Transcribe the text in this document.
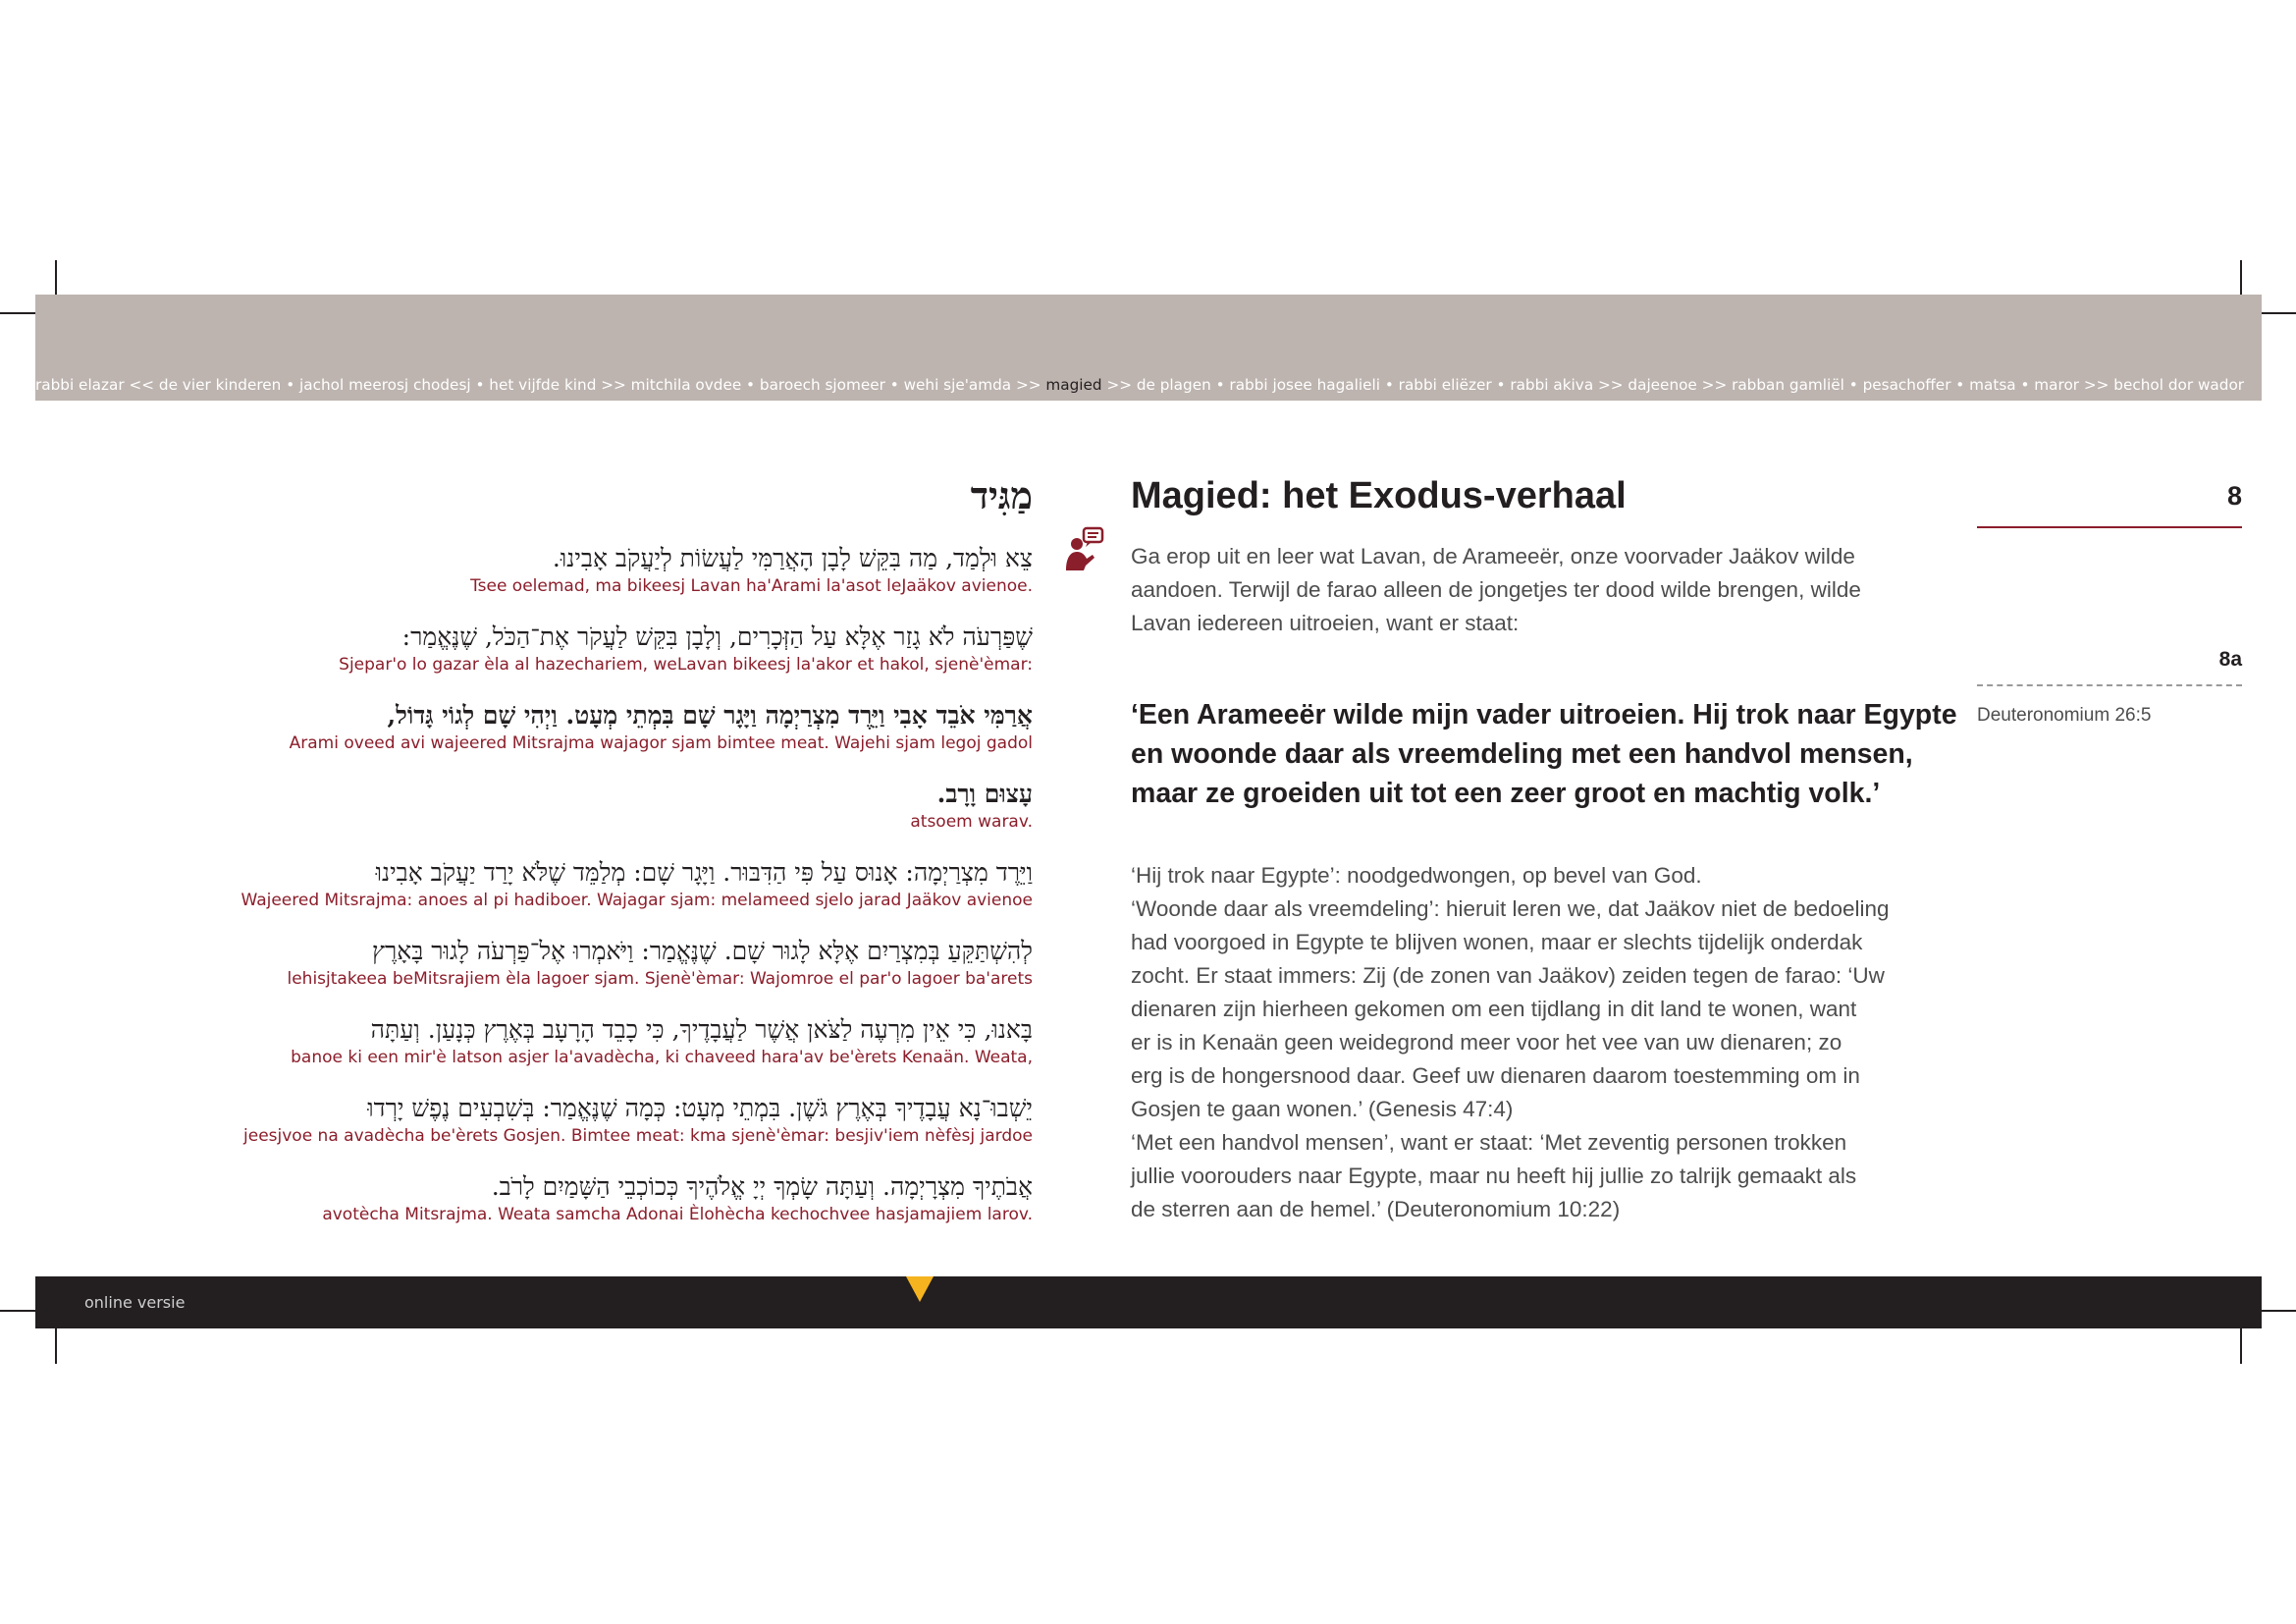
rabbi elazar << de vier kinderen • jachol meerosj chodesj • het vijfde kind >> mitchila ovdee • baroech sjomeer • wehi sje'amda >> magied >> de plagen • rabbi josee hagalieli • rabbi eliëzer • rabbi akiva >> dajeenoe >> rabban gamliël • pesachoffer • matsa • maror >> bechol dor wador
מַגִּיד
צֵא וּלְמַד, מַה בִּקֵּשׁ לָבָן הָאֲרַמִּי לַעֲשׂוֹת לְיַעֲקֹב אָבִינוּ.
Tsee oelemad, ma bikeesj Lavan ha'Arami la'asot leJaäkov avienoe.
שֶׁפַּרְעֹה לֹא גָזַר אֶלָּא עַל הַזְּכָרִים, וְלָבָן בִּקֵּשׁ לַעֲקֹר אֶת־הַכֹּל, שֶׁנֶּאֱמַר:
Sjepar'o lo gazar èla al hazechariem, weLavan bikeesj la'akor et hakol, sjenè'èmar:
אֲרַמִּי אֹבֵד אָבִי וַיֵּרֶד מִצְרַיְמָה וַיָּגָר שָׁם בִּמְתֵי מְעָט. וַיְהִי שָׁם לְגוֹי גָּדוֹל,
Arami oveed avi wajeered Mitsrajma wajagor sjam bimtee meat. Wajehi sjam legoj gadol
עָצוּם וָרָב.
atsoem warav.
וַיֵּרֶד מִצְרַיְמָה: אָנוּס עַל פִּי הַדִּבּוּר. וַיָּגָר שָׁם: מְלַמֵּד שֶׁלֹּא יָרַד יַעֲקֹב אָבִינוּ
Wajeered Mitsrajma: anoes al pi hadiboer. Wajagar sjam: melameed sjelo jarad Jaäkov avienoe
לְהִשְׁתַּקֵּעַ בְּמִצְרַיִם אֶלָּא לָגוּר שָׁם. שֶׁנֶּאֱמַר: וַיֹּאמְרוּ אֶל־פַּרְעֹה לָגוּר בָּאָרֶץ
lehisjtakeea beMitsrajiem èla lagoer sjam. Sjenè'èmar: Wajomroe el par'o lagoer ba'arets
בָּאנוּ, כִּי אֵין מִרְעֶה לַצֹּאן אֲשֶׁר לַעֲבָדֶיךָ, כִּי כָבֵד הָרָעָב בְּאֶרֶץ כְּנָעַן. וְעַתָּה
banoe ki een mir'è latson asjer la'avadècha, ki chaveed hara'av be'èrets Kenaän. Weata,
יֵשְׁבוּ־נָא עֲבָדֶיךָ בְּאֶרֶץ גֹּשֶׁן. בִּמְתֵי מְעָט: כְּמָה שֶׁנֶּאֱמַר: בְּשִׁבְעִים נֶפֶשׁ יָרְדוּ
jeesjvoe na avadècha be'èrets Gosjen. Bimtee meat: kma sjenè'èmar: besjiv'iem nèfèsj jardoe
אֲבֹתֶיךָ מִצְרָיְמָה. וְעַתָּה שָׂמְךָ יְיָ אֱלֹהֶיךָ כְּכוֹכְבֵי הַשָּׁמַיִם לָרֹב.
avotècha Mitsrajma. Weata samcha Adonai Èlohècha kechochvee hasjamajiem larov.
Magied: het Exodus-verhaal	8
Ga erop uit en leer wat Lavan, de Arameeër, onze voorvader Jaäkov wilde
aandoen. Terwijl de farao alleen de jongetjes ter dood wilde brengen, wilde
Lavan iedereen uitroeien, want er staat:
8a
Deuteronomium 26:5
‘Een Arameeër wilde mijn vader uitroeien. Hij trok naar Egypte
en woonde daar als vreemdeling met een handvol mensen,
maar ze groeiden uit tot een zeer groot en machtig volk.’
‘Hij trok naar Egypte’: noodgedwongen, op bevel van God.
‘Woonde daar als vreemdeling’: hieruit leren we, dat Jaäkov niet de bedoeling
had voorgoed in Egypte te blijven wonen, maar er slechts tijdelijk onderdak
zocht. Er staat immers: Zij (de zonen van Jaäkov) zeiden tegen de farao: ‘Uw
dienaren zijn hierheen gekomen om een tijdlang in dit land te wonen, want
er is in Kenaän geen weidegrond meer voor het vee van uw dienaren; zo
erg is de hongersnood daar. Geef uw dienaren daarom toestemming om in
Gosjen te gaan wonen.’ (Genesis 47:4)
‘Met een handvol mensen’, want er staat: ‘Met zeventig personen trokken
jullie voorouders naar Egypte, maar nu heeft hij jullie zo talrijk gemaakt als
de sterren aan de hemel.’ (Deuteronomium 10:22)
online versie
